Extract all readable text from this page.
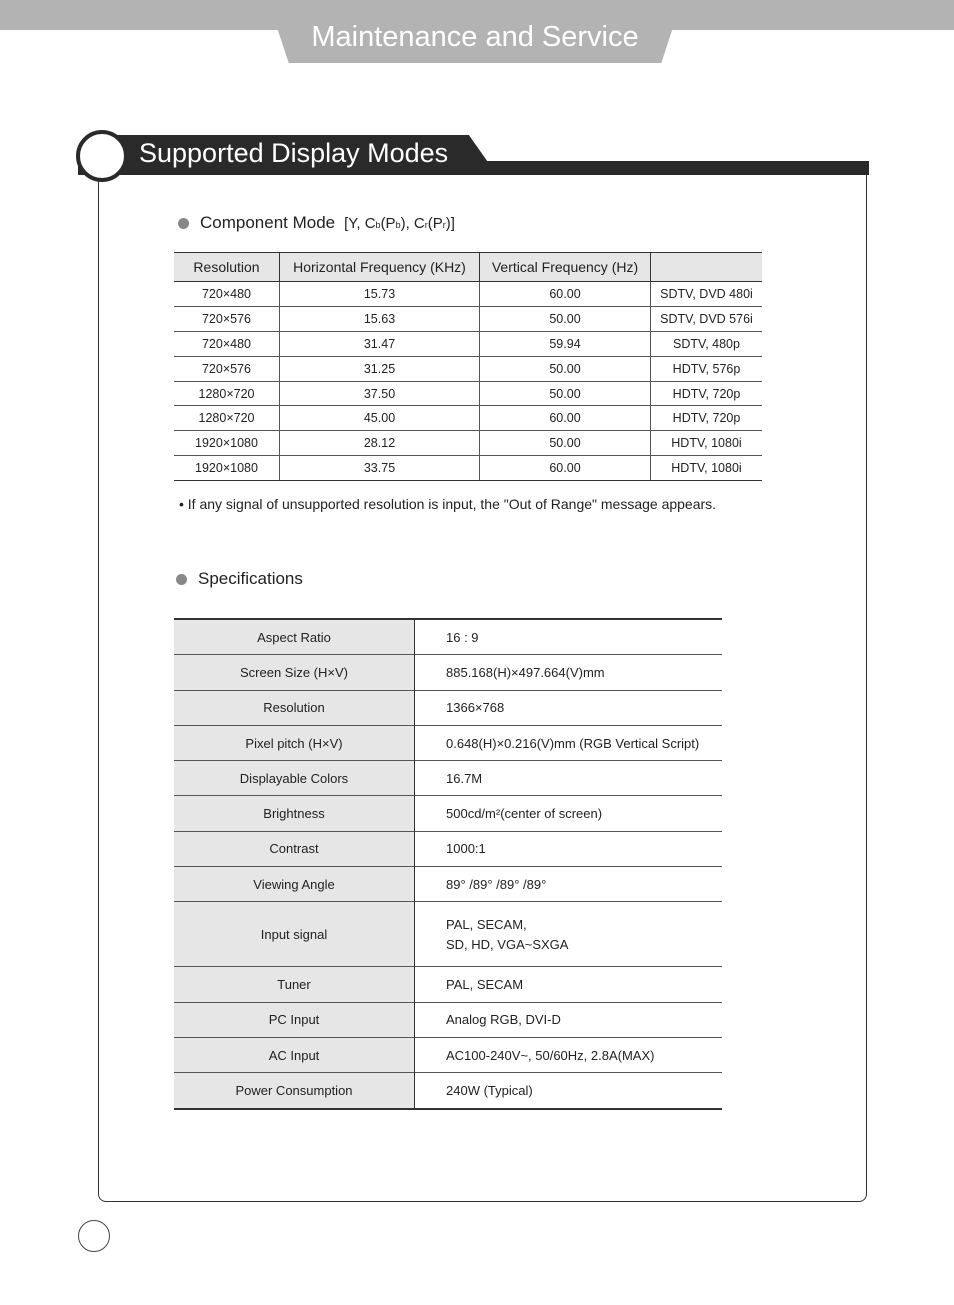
Maintenance and Service
Supported Display Modes
Component Mode [Y, Cb(Pb), Cr(Pr)]
Resolution	Horizontal Frequency (KHz)	Vertical Frequency (Hz)	
720×480	15.73	60.00	SDTV, DVD 480i
720×576	15.63	50.00	SDTV, DVD 576i
720×480	31.47	59.94	SDTV, 480p
720×576	31.25	50.00	HDTV, 576p
1280×720	37.50	50.00	HDTV, 720p
1280×720	45.00	60.00	HDTV, 720p
1920×1080	28.12	50.00	HDTV, 1080i
1920×1080	33.75	60.00	HDTV, 1080i
• If any signal of unsupported resolution is input, the "Out of Range" message appears.
Specifications
Aspect Ratio	16 : 9
Screen Size (H×V)	885.168(H)×497.664(V)mm
Resolution	1366×768
Pixel pitch (H×V)	0.648(H)×0.216(V)mm (RGB Vertical Script)
Displayable Colors	16.7M
Brightness	500cd/m²(center of screen)
Contrast	1000:1
Viewing Angle	89° /89° /89° /89°
Input signal	PAL, SECAM,
SD, HD, VGA~SXGA

Tuner	PAL, SECAM
PC Input	Analog RGB, DVI-D
AC Input	AC100-240V~, 50/60Hz, 2.8A(MAX)
Power Consumption	240W (Typical)
